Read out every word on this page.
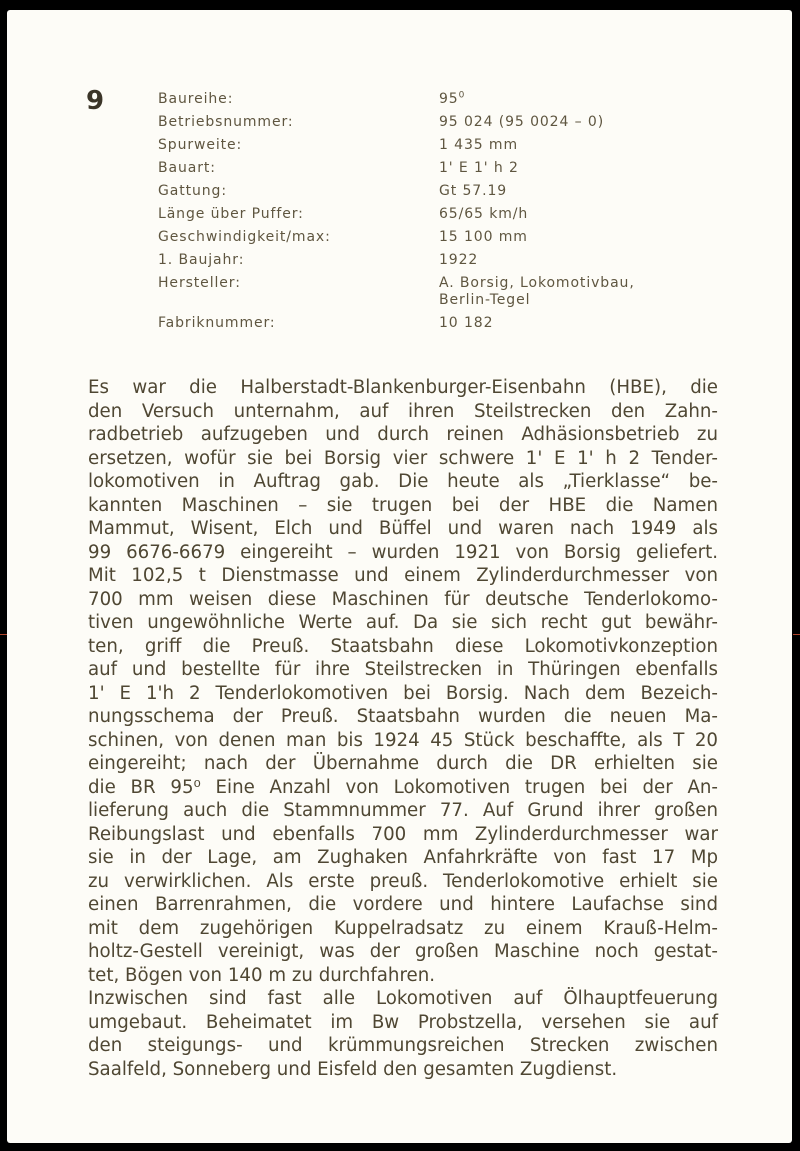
9	Baureihe:	$95^0$
Betriebsnummer:	95 024 (95 0024 – 0)
Spurweite:	1 435 mm
Bauart:	1' E 1' h 2
Gattung:	Gt 57.19
Länge über Puffer:	65/65 km/h
Geschwindigkeit/max:	15 100 mm
1. Baujahr:	1922
Hersteller:	A. Borsig, Lokomotivbau,
Berlin-Tegel
Fabriknummer:	10 182
Es war die Halberstadt-Blankenburger-Eisenbahn (HBE), die
den Versuch unternahm, auf ihren Steilstrecken den Zahn-
radbetrieb aufzugeben und durch reinen Adhäsionsbetrieb zu
ersetzen, wofür sie bei Borsig vier schwere 1' E 1' h 2 Tender-
lokomotiven in Auftrag gab. Die heute als „Tierklasse“ be-
kannten Maschinen – sie trugen bei der HBE die Namen
Mammut, Wisent, Elch und Büffel und waren nach 1949 als
99 6676-6679 eingereiht – wurden 1921 von Borsig geliefert.
Mit 102,5 t Dienstmasse und einem Zylinderdurchmesser von
700 mm weisen diese Maschinen für deutsche Tenderlokomo-
tiven ungewöhnliche Werte auf. Da sie sich recht gut bewähr-
ten, griff die Preuß. Staatsbahn diese Lokomotivkonzeption
auf und bestellte für ihre Steilstrecken in Thüringen ebenfalls
1' E 1'h 2 Tenderlokomotiven bei Borsig. Nach dem Bezeich-
nungsschema der Preuß. Staatsbahn wurden die neuen Ma-
schinen, von denen man bis 1924 45 Stück beschaffte, als T 20
eingereiht; nach der Übernahme durch die DR erhielten sie
die BR 95⁰ Eine Anzahl von Lokomotiven trugen bei der An-
lieferung auch die Stammnummer 77. Auf Grund ihrer großen
Reibungslast und ebenfalls 700 mm Zylinderdurchmesser war
sie in der Lage, am Zughaken Anfahrkräfte von fast 17 Mp
zu verwirklichen. Als erste preuß. Tenderlokomotive erhielt sie
einen Barrenrahmen, die vordere und hintere Laufachse sind
mit dem zugehörigen Kuppelradsatz zu einem Krauß-Helm-
holtz-Gestell vereinigt, was der großen Maschine noch gestat-
tet, Bögen von 140 m zu durchfahren.
Inzwischen sind fast alle Lokomotiven auf Ölhauptfeuerung
umgebaut. Beheimatet im Bw Probstzella, versehen sie auf
den steigungs- und krümmungsreichen Strecken zwischen
Saalfeld, Sonneberg und Eisfeld den gesamten Zugdienst.
